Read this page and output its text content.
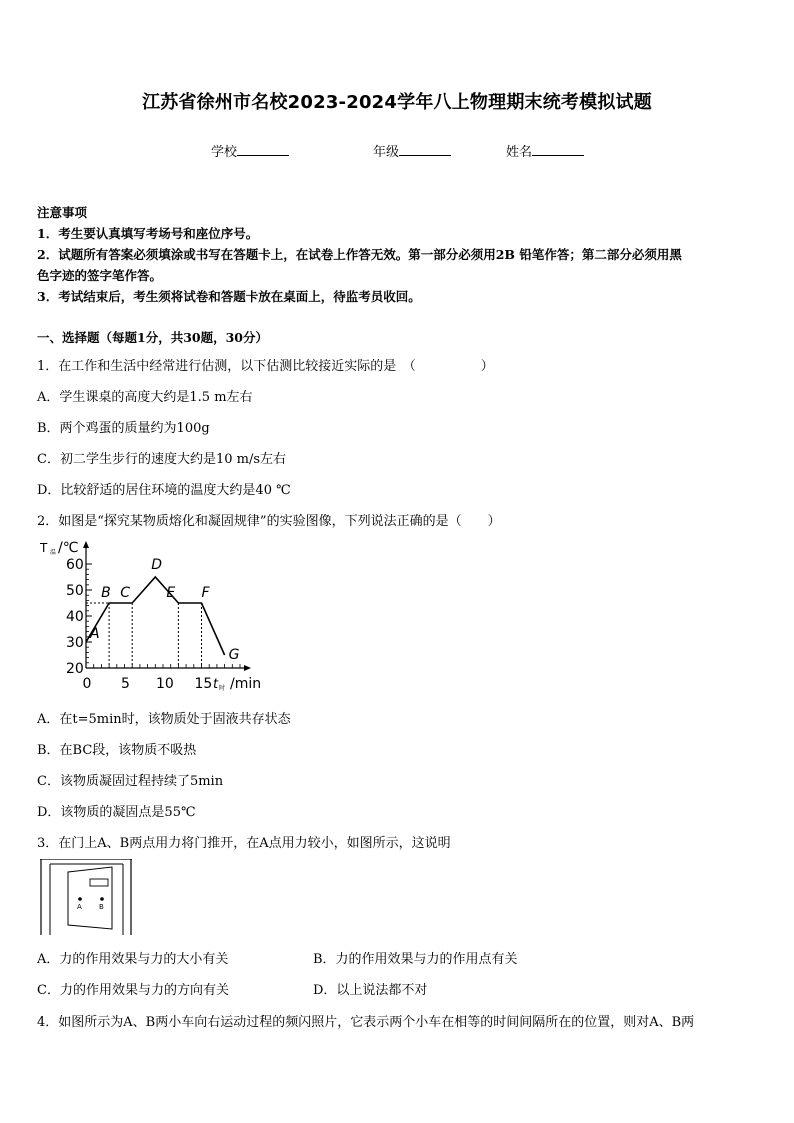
江苏省徐州市名校2023-2024学年八上物理期末统考模拟试题
学校	年级	姓名
注意事项
1．考生要认真填写考场号和座位序号。
2．试题所有答案必须填涂或书写在答题卡上，在试卷上作答无效。第一部分必须用2B 铅笔作答；第二部分必须用黑
色字迹的签字笔作答。
3．考试结束后，考生须将试卷和答题卡放在桌面上，待监考员收回。
一、选择题（每题1分，共30题，30分）
1．在工作和生活中经常进行估测，以下估测比较接近实际的是　（　　　　　）
A．学生课桌的高度大约是1.5 m左右
B．两个鸡蛋的质量约为100g
C．初二学生步行的速度大约是10 m/s左右
D．比较舒适的居住环境的温度大约是40 ℃
2．如图是“探究某物质熔化和凝固规律”的实验图像，下列说法正确的是（　　）
20
30
40
50
60
0 5 10 15
T 温 /℃
t 时 /min
A
B C
D
E F
G
A．在t=5min时，该物质处于固液共存状态
B．在BC段，该物质不吸热
C．该物质凝固过程持续了5min
D．该物质的凝固点是55℃
3．在门上A、B两点用力将门推开，在A点用力较小，如图所示，这说明
A B
A．力的作用效果与力的大小有关	B．力的作用效果与力的作用点有关
C．力的作用效果与力的方向有关	D．以上说法都不对
4．如图所示为A、B两小车向右运动过程的频闪照片，它表示两个小车在相等的时间间隔所在的位置，则对A、B两
